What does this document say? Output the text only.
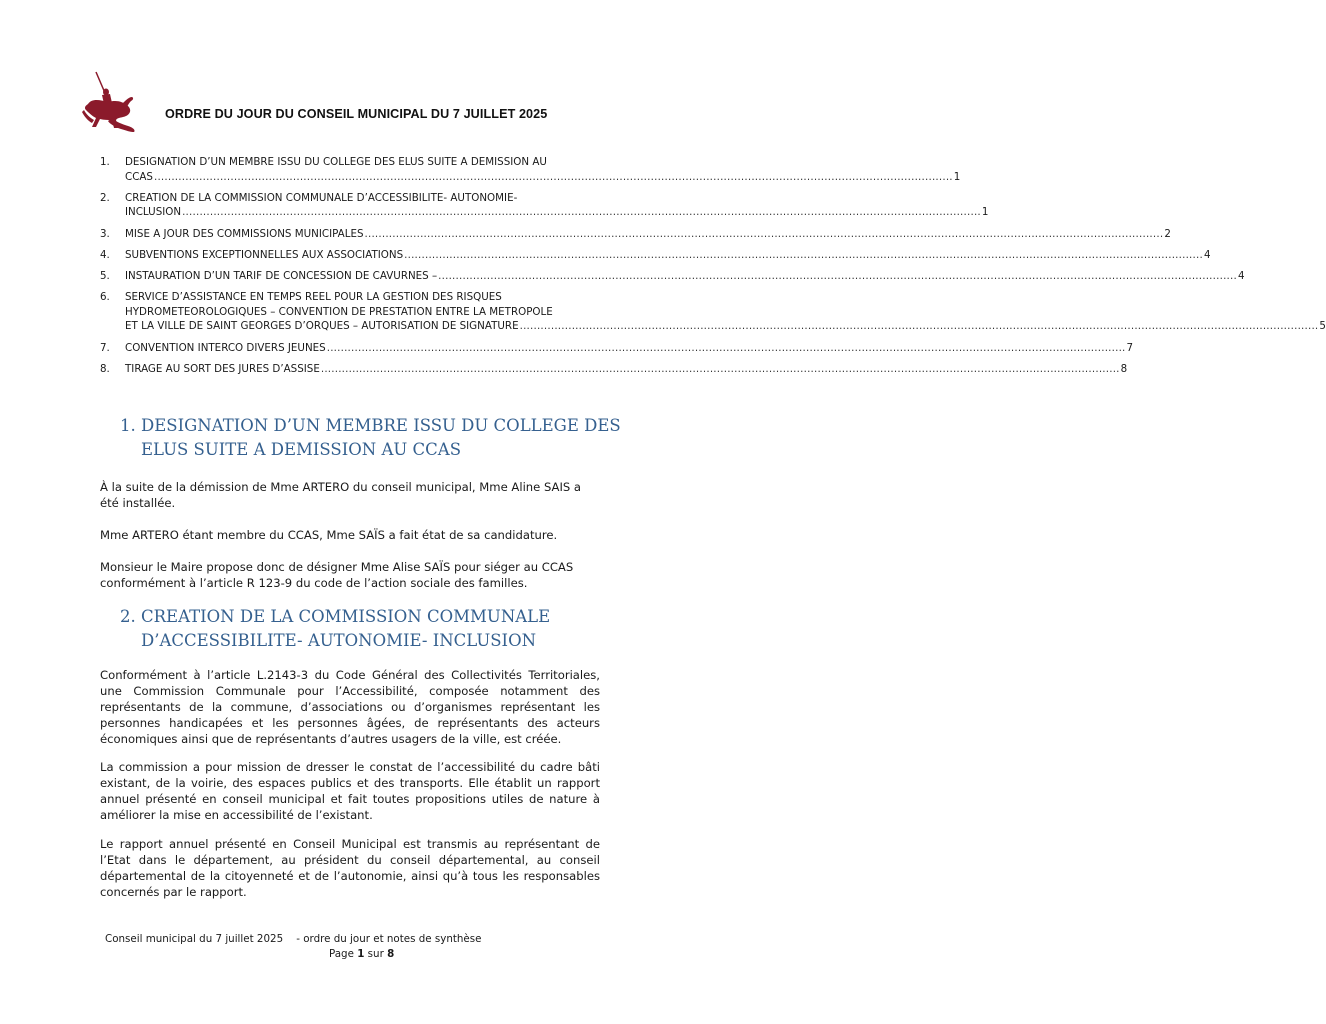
ORDRE DU JOUR DU CONSEIL MUNICIPAL DU 7 JUILLET 2025
1.	DESIGNATION D’UN MEMBRE ISSU DU COLLEGE DES ELUS SUITE A DEMISSION AU
CCAS .....	1
2.	CREATION DE LA COMMISSION COMMUNALE D’ACCESSIBILITE- AUTONOMIE-
INCLUSION .....	1
3.	MISE A JOUR DES COMMISSIONS MUNICIPALES .....	2
4.	SUBVENTIONS EXCEPTIONNELLES AUX ASSOCIATIONS .....	4
5.	INSTAURATION D’UN TARIF DE CONCESSION DE CAVURNES – .....	4
6.	SERVICE D’ASSISTANCE EN TEMPS REEL POUR LA GESTION DES RISQUES
HYDROMETEOROLOGIQUES – CONVENTION DE PRESTATION ENTRE LA METROPOLE
ET LA VILLE DE SAINT GEORGES D’ORQUES – AUTORISATION DE SIGNATURE .....	5
7.	CONVENTION INTERCO DIVERS JEUNES .....	7
8.	TIRAGE AU SORT DES JURES D’ASSISE .....	8
1. DESIGNATION D’UN MEMBRE ISSU DU COLLEGE DES
ELUS SUITE A DEMISSION AU CCAS
À la suite de la démission de Mme ARTERO du conseil municipal, Mme Aline SAIS a été installée.
Mme ARTERO étant membre du CCAS, Mme SAÏS a fait état de sa candidature.
Monsieur le Maire propose donc de désigner Mme Alise SAÏS pour siéger au CCAS conformément à l’article R 123-9 du code de l’action sociale des familles.
2. CREATION DE LA COMMISSION COMMUNALE
D’ACCESSIBILITE- AUTONOMIE- INCLUSION
Conformément à l’article L.2143-3 du Code Général des Collectivités Territoriales, une Commission Communale pour l’Accessibilité, composée notamment des représentants de la commune, d’associations ou d’organismes représentant les personnes handicapées et les personnes âgées, de représentants des acteurs économiques ainsi que de représentants d’autres usagers de la ville, est créée.
La commission a pour mission de dresser le constat de l’accessibilité du cadre bâti existant, de la voirie, des espaces publics et des transports. Elle établit un rapport annuel présenté en conseil municipal et fait toutes propositions utiles de nature à améliorer la mise en accessibilité de l’existant.
Le rapport annuel présenté en Conseil Municipal est transmis au représentant de l’Etat dans le département, au président du conseil départemental, au conseil départemental de la citoyenneté et de l’autonomie, ainsi qu’à tous les responsables concernés par le rapport.
Conseil municipal du 7 juillet 2025 - ordre du jour et notes de synthèse
Page 1 sur 8
